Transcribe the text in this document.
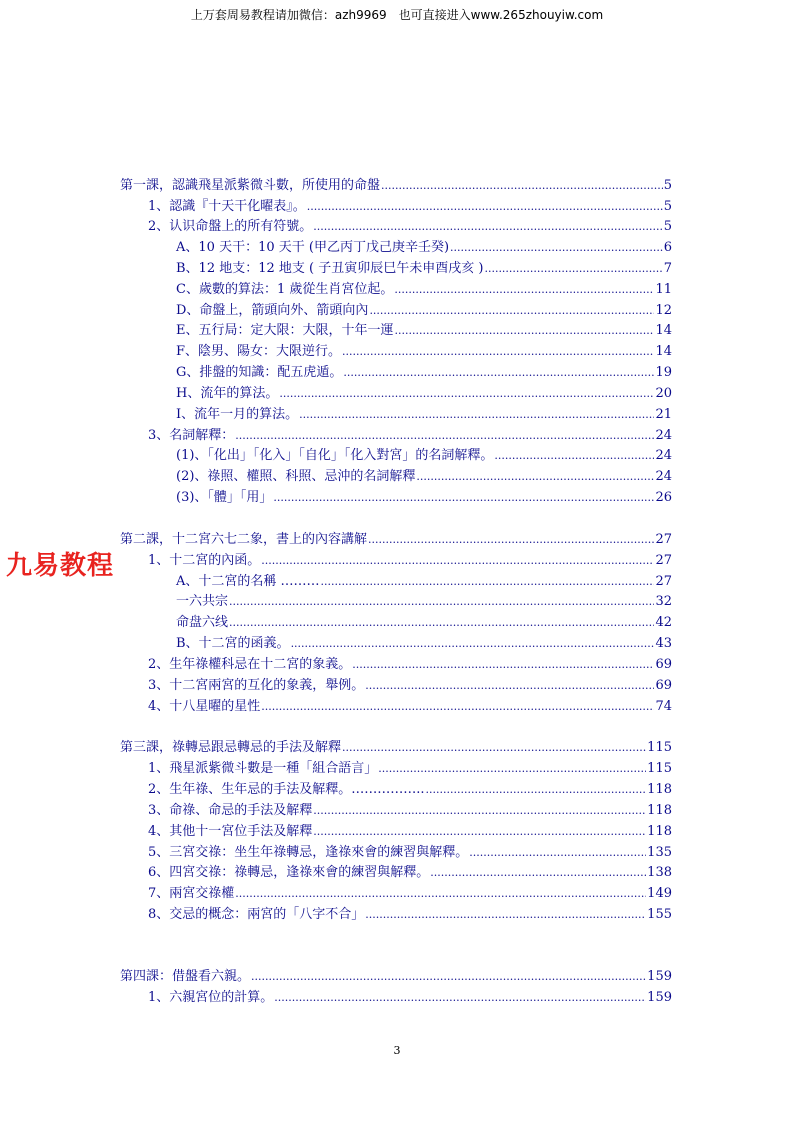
上万套周易教程请加微信：azh9969　也可直接进入www.265zhouyiw.com
第一課，認識飛星派紫微斗數，所使用的命盤 .....	5
1、認識『十天干化曜表』。 .....	5
2、认识命盤上的所有符號。 .....	5
A、10 天干：10 天干 (甲乙丙丁戊己庚辛壬癸) .....	6
B、12 地支：12 地支 ( 子丑寅卯辰巳午未申酉戌亥 ) .....	7
C、歲數的算法：1 歲從生肖宮位起。 .....	11
D、命盤上，箭頭向外、箭頭向內 .....	12
E、五行局：定大限：大限，十年一運 .....	14
F、陰男、陽女：大限逆行。 .....	14
G、排盤的知識：配五虎遁。 .....	19
H、流年的算法。 .....	20
I、流年一月的算法。 .....	21
3、名詞解釋： .....	24
(1)、「化出」「化入」「自化」「化入對宮」的名詞解釋。 .....	24
(2)、祿照、權照、科照、忌沖的名詞解釋 .....	24
(3)、「體」「用」 .....	26
第二課，十二宮六七二象，書上的內容講解 .....	27
1、十二宮的內函。 .....	27
A、十二宮的名稱 ……… .....	27
一六共宗 .....	32
命盘六线 .....	42
B、十二宮的函義。 .....	43
2、生年祿權科忌在十二宮的象義。 .....	69
3、十二宮兩宮的互化的象義，舉例。 .....	69
4、十八星曜的星性 .....	74
第三課，祿轉忌跟忌轉忌的手法及解釋 .....	115
1、飛星派紫微斗數是一種「組合語言」 .....	115
2、生年祿、生年忌的手法及解釋。…………….. .....	118
3、命祿、命忌的手法及解釋 .....	118
4、其他十一宮位手法及解釋 .....	118
5、三宮交祿：坐生年祿轉忌，逢祿來會的練習與解釋。 .....	135
6、四宮交祿：祿轉忌，逢祿來會的練習與解釋。 .....	138
7、兩宮交祿權 .....	149
8、交忌的概念：兩宮的「八字不合」 .....	155
第四課：借盤看六親。 .....	159
1、六親宮位的計算。 .....	159
九易教程
3
